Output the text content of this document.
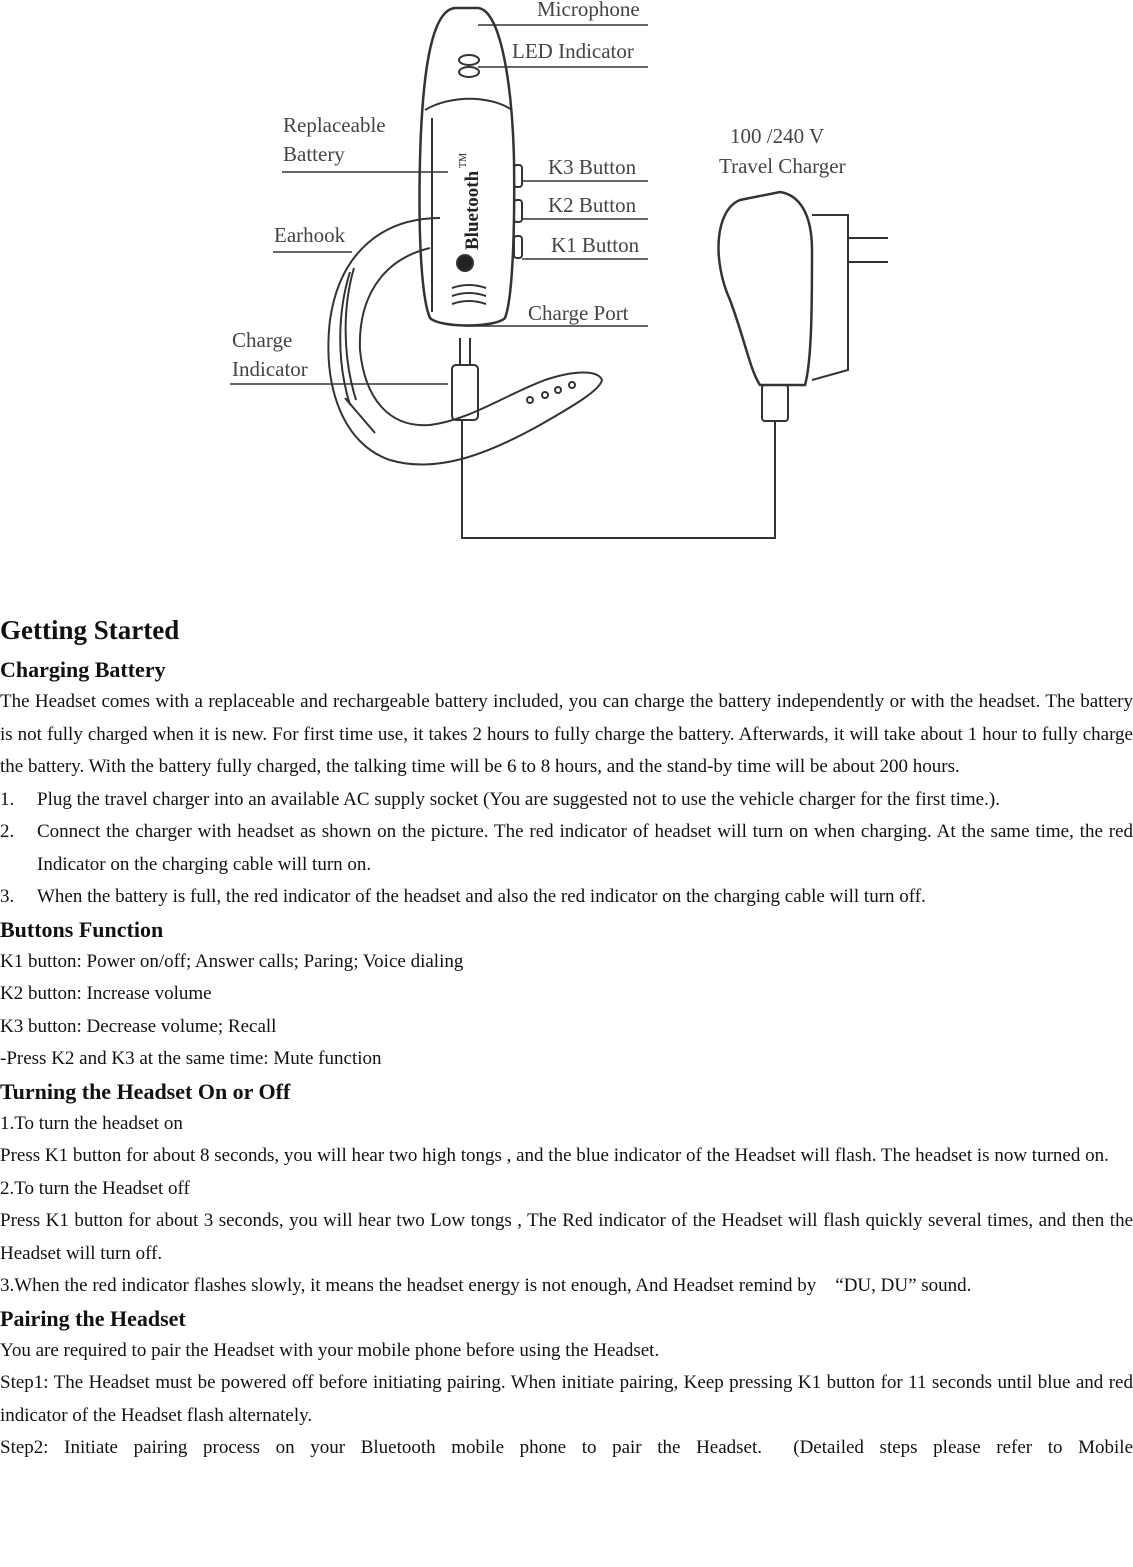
Microphone
LED Indicator
Replaceable
Battery
K3 Button
K2 Button
K1 Button
Earhook
Charge Port
Charge
Indicator
100 /240 V
Travel Charger
Bluetooth
TM
Getting Started
Charging Battery

The Headset comes with a replaceable and rechargeable battery included, you can charge the battery independently or with the headset. The battery is not fully charged when it is new. For first time use, it takes 2 hours to fully charge the battery. Afterwards, it will take about 1 hour to fully charge the battery. With the battery fully charged, the talking time will be 6 to 8 hours, and the stand-by time will be about 200 hours.

1. Plug the travel charger into an available AC supply socket (You are suggested not to use the vehicle charger for the first time.).
2. Connect the charger with headset as shown on the picture. The red indicator of headset will turn on when charging. At the same time, the red Indicator on the charging cable will turn on.
3. When the battery is full, the red indicator of the headset and also the red indicator on the charging cable will turn off.
Buttons Function

K1 button: Power on/off; Answer calls; Paring; Voice dialing

K2 button: Increase volume

K3 button: Decrease volume; Recall

-Press K2 and K3 at the same time: Mute function

Turning the Headset On or Off

1.To turn the headset on

Press K1 button for about 8 seconds, you will hear two high tongs , and the blue indicator of the Headset will flash. The headset is now turned on.

2.To turn the Headset off

Press K1 button for about 3 seconds, you will hear two Low tongs , The Red indicator of the Headset will flash quickly several times, and then the Headset will turn off.

3.When the red indicator flashes slowly, it means the headset energy is not enough, And Headset remind by    “DU, DU” sound.

Pairing the Headset

You are required to pair the Headset with your mobile phone before using the Headset.

Step1: The Headset must be powered off before initiating pairing. When initiate pairing, Keep pressing K1 button for 11 seconds until blue and red indicator of the Headset flash alternately.

Step2: Initiate pairing process on your Bluetooth mobile phone to pair the Headset.  (Detailed steps please refer to Mobile
